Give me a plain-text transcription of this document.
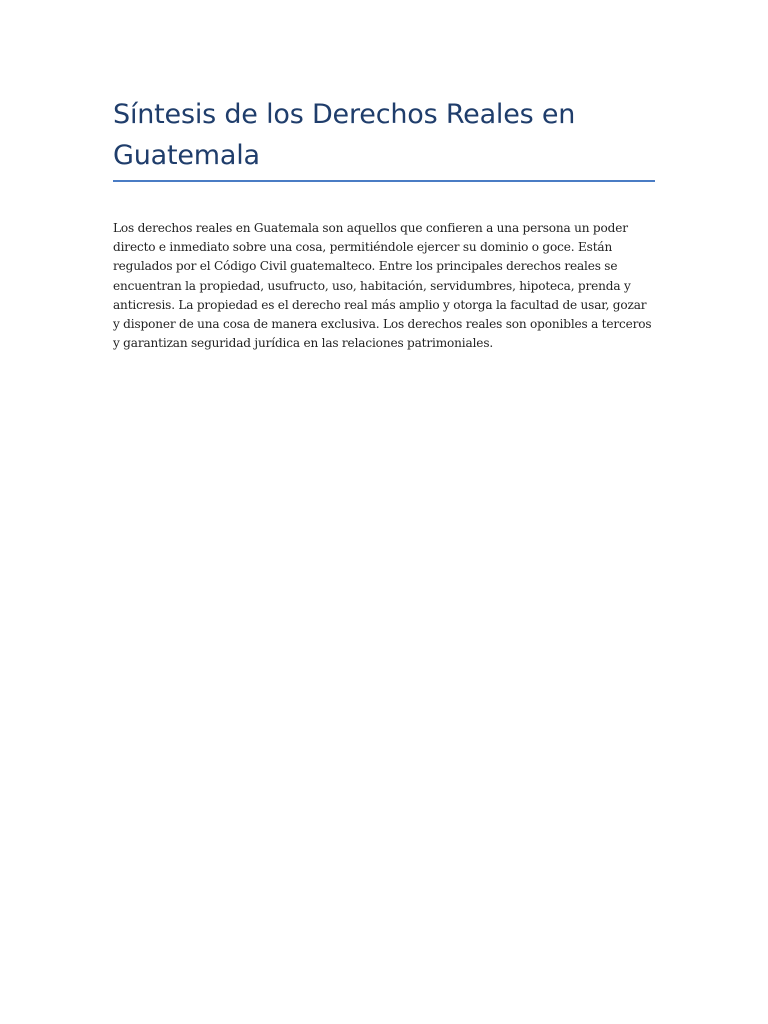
Síntesis de los Derechos Reales en Guatemala

Los derechos reales en Guatemala son aquellos que confieren a una persona un poder directo e inmediato sobre una cosa, permitiéndole ejercer su dominio o goce. Están regulados por el Código Civil guatemalteco. Entre los principales derechos reales se encuentran la propiedad, usufructo, uso, habitación, servidumbres, hipoteca, prenda y anticresis. La propiedad es el derecho real más amplio y otorga la facultad de usar, gozar y disponer de una cosa de manera exclusiva. Los derechos reales son oponibles a terceros y garantizan seguridad jurídica en las relaciones patrimoniales.
